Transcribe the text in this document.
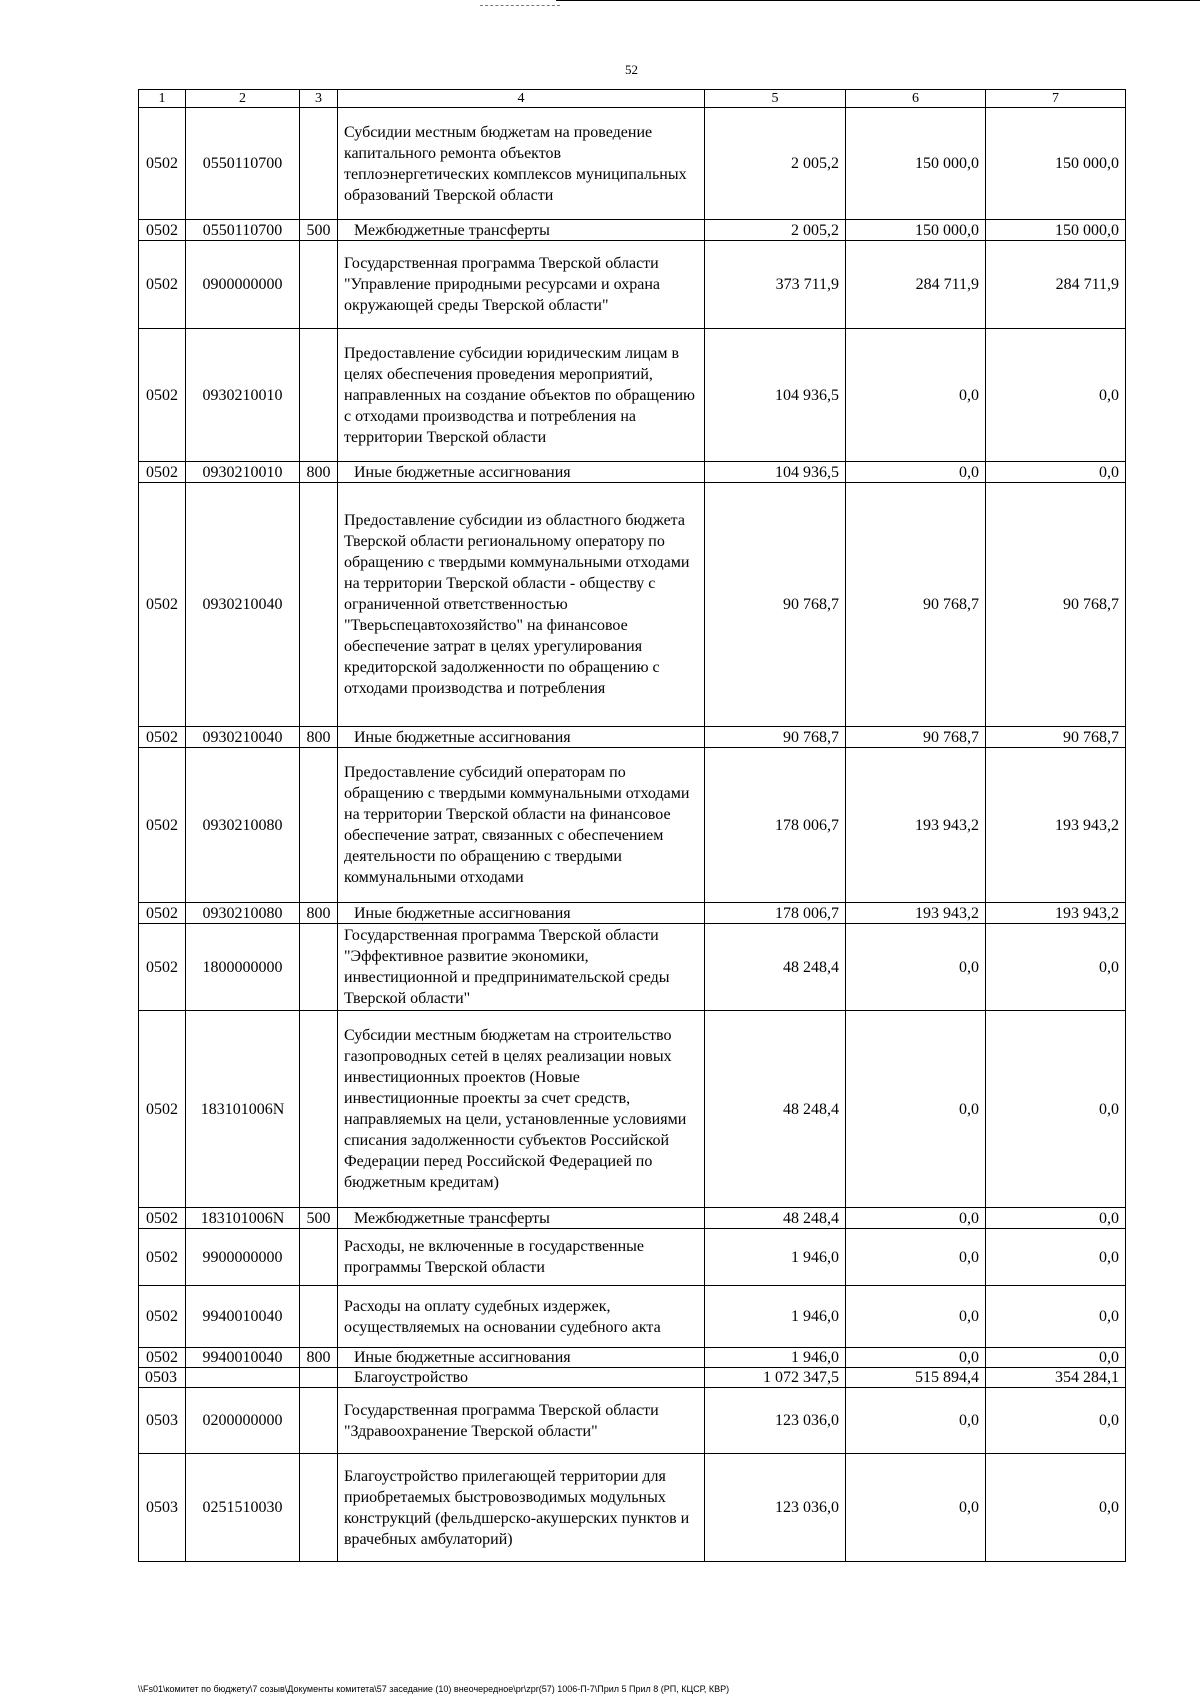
52
1	2	3	4	5	6	7
0502	0550110700		Субсидии местным бюджетам на проведение капитального ремонта объектов теплоэнергетических комплексов муниципальных образований Тверской области	2 005,2	150 000,0	150 000,0
0502	0550110700	500	Межбюджетные трансферты	2 005,2	150 000,0	150 000,0
0502	0900000000		Государственная программа Тверской области "Управление природными ресурсами и охрана окружающей среды Тверской области"	373 711,9	284 711,9	284 711,9
0502	0930210010		Предоставление субсидии юридическим лицам в целях обеспечения проведения мероприятий, направленных на создание объектов по обращению с отходами производства и потребления на территории Тверской области	104 936,5	0,0	0,0
0502	0930210010	800	Иные бюджетные ассигнования	104 936,5	0,0	0,0
0502	0930210040		Предоставление субсидии из областного бюджета Тверской области региональному оператору по обращению с твердыми коммунальными отходами на территории Тверской области - обществу с ограниченной ответственностью "Тверьспецавтохозяйство" на финансовое обеспечение затрат в целях урегулирования кредиторской задолженности по обращению с отходами производства и потребления	90 768,7	90 768,7	90 768,7
0502	0930210040	800	Иные бюджетные ассигнования	90 768,7	90 768,7	90 768,7
0502	0930210080		Предоставление субсидий операторам по обращению с твердыми коммунальными отходами на территории Тверской области на финансовое обеспечение затрат, связанных с обеспечением деятельности по обращению с твердыми коммунальными отходами	178 006,7	193 943,2	193 943,2
0502	0930210080	800	Иные бюджетные ассигнования	178 006,7	193 943,2	193 943,2
0502	1800000000		Государственная программа Тверской области "Эффективное развитие экономики, инвестиционной и предпринимательской среды Тверской области"	48 248,4	0,0	0,0
0502	183101006N		Субсидии местным бюджетам на строительство газопроводных сетей в целях реализации новых инвестиционных проектов (Новые инвестиционные проекты за счет средств, направляемых на цели, установленные условиями списания задолженности субъектов Российской Федерации перед Российской Федерацией по бюджетным кредитам)	48 248,4	0,0	0,0
0502	183101006N	500	Межбюджетные трансферты	48 248,4	0,0	0,0
0502	9900000000		Расходы, не включенные в государственные программы Тверской области	1 946,0	0,0	0,0
0502	9940010040		Расходы на оплату судебных издержек, осуществляемых на основании судебного акта	1 946,0	0,0	0,0
0502	9940010040	800	Иные бюджетные ассигнования	1 946,0	0,0	0,0
0503			Благоустройство	1 072 347,5	515 894,4	354 284,1
0503	0200000000		Государственная программа Тверской области "Здравоохранение Тверской области"	123 036,0	0,0	0,0
0503	0251510030		Благоустройство прилегающей территории для приобретаемых быстровозводимых модульных конструкций (фельдшерско-акушерских пунктов и врачебных амбулаторий)	123 036,0	0,0	0,0
\\Fs01\комитет по бюджету\7 созыв\Документы комитета\57 заседание (10) внеочередное\pr\zpr(57) 1006-П-7\Прил 5 Прил 8 (РП, КЦСР, КВР)
